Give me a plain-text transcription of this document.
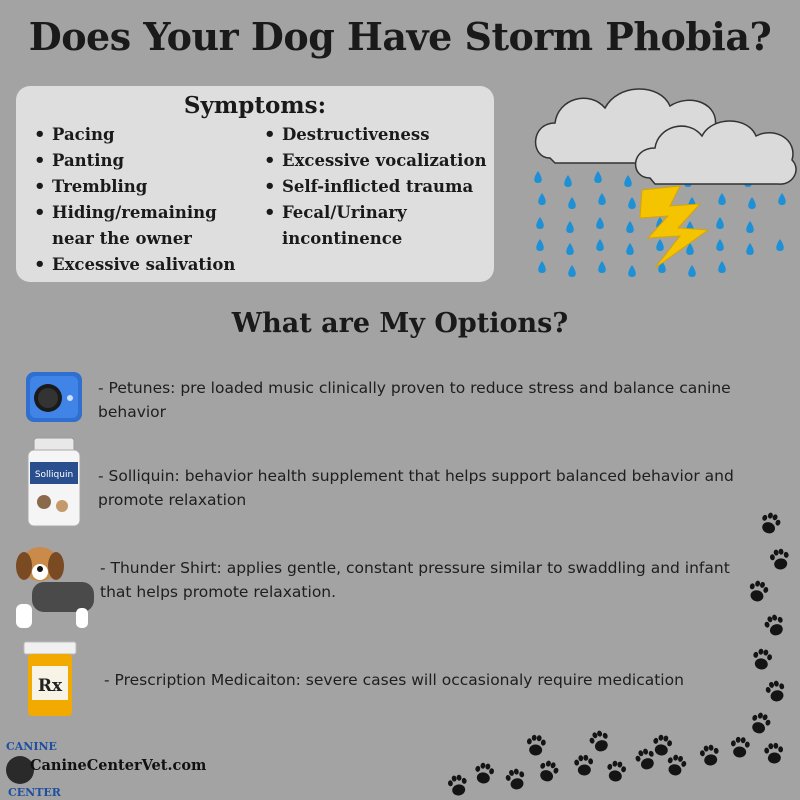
Does Your Dog Have Storm Phobia?
Symptoms:
• Pacing
• Panting
• Trembling
• Hiding/remaining near the owner
• Excessive salivation
• Destructiveness
• Excessive vocalization
• Self-inflicted trauma
• Fecal/Urinary incontinence
What are My Options?

- Petunes: pre loaded music clinically proven to reduce stress and balance canine behavior

Solliquin - Solliquin: behavior health supplement that helps support balanced behavior and promote relaxation

- Thunder Shirt: applies gentle, constant pressure similar to swaddling and infant that helps promote relaxation.

Rx	- Prescription Medicaiton: severe cases will occasionaly require medication

CANINE
CENTER

CanineCenterVet.com
